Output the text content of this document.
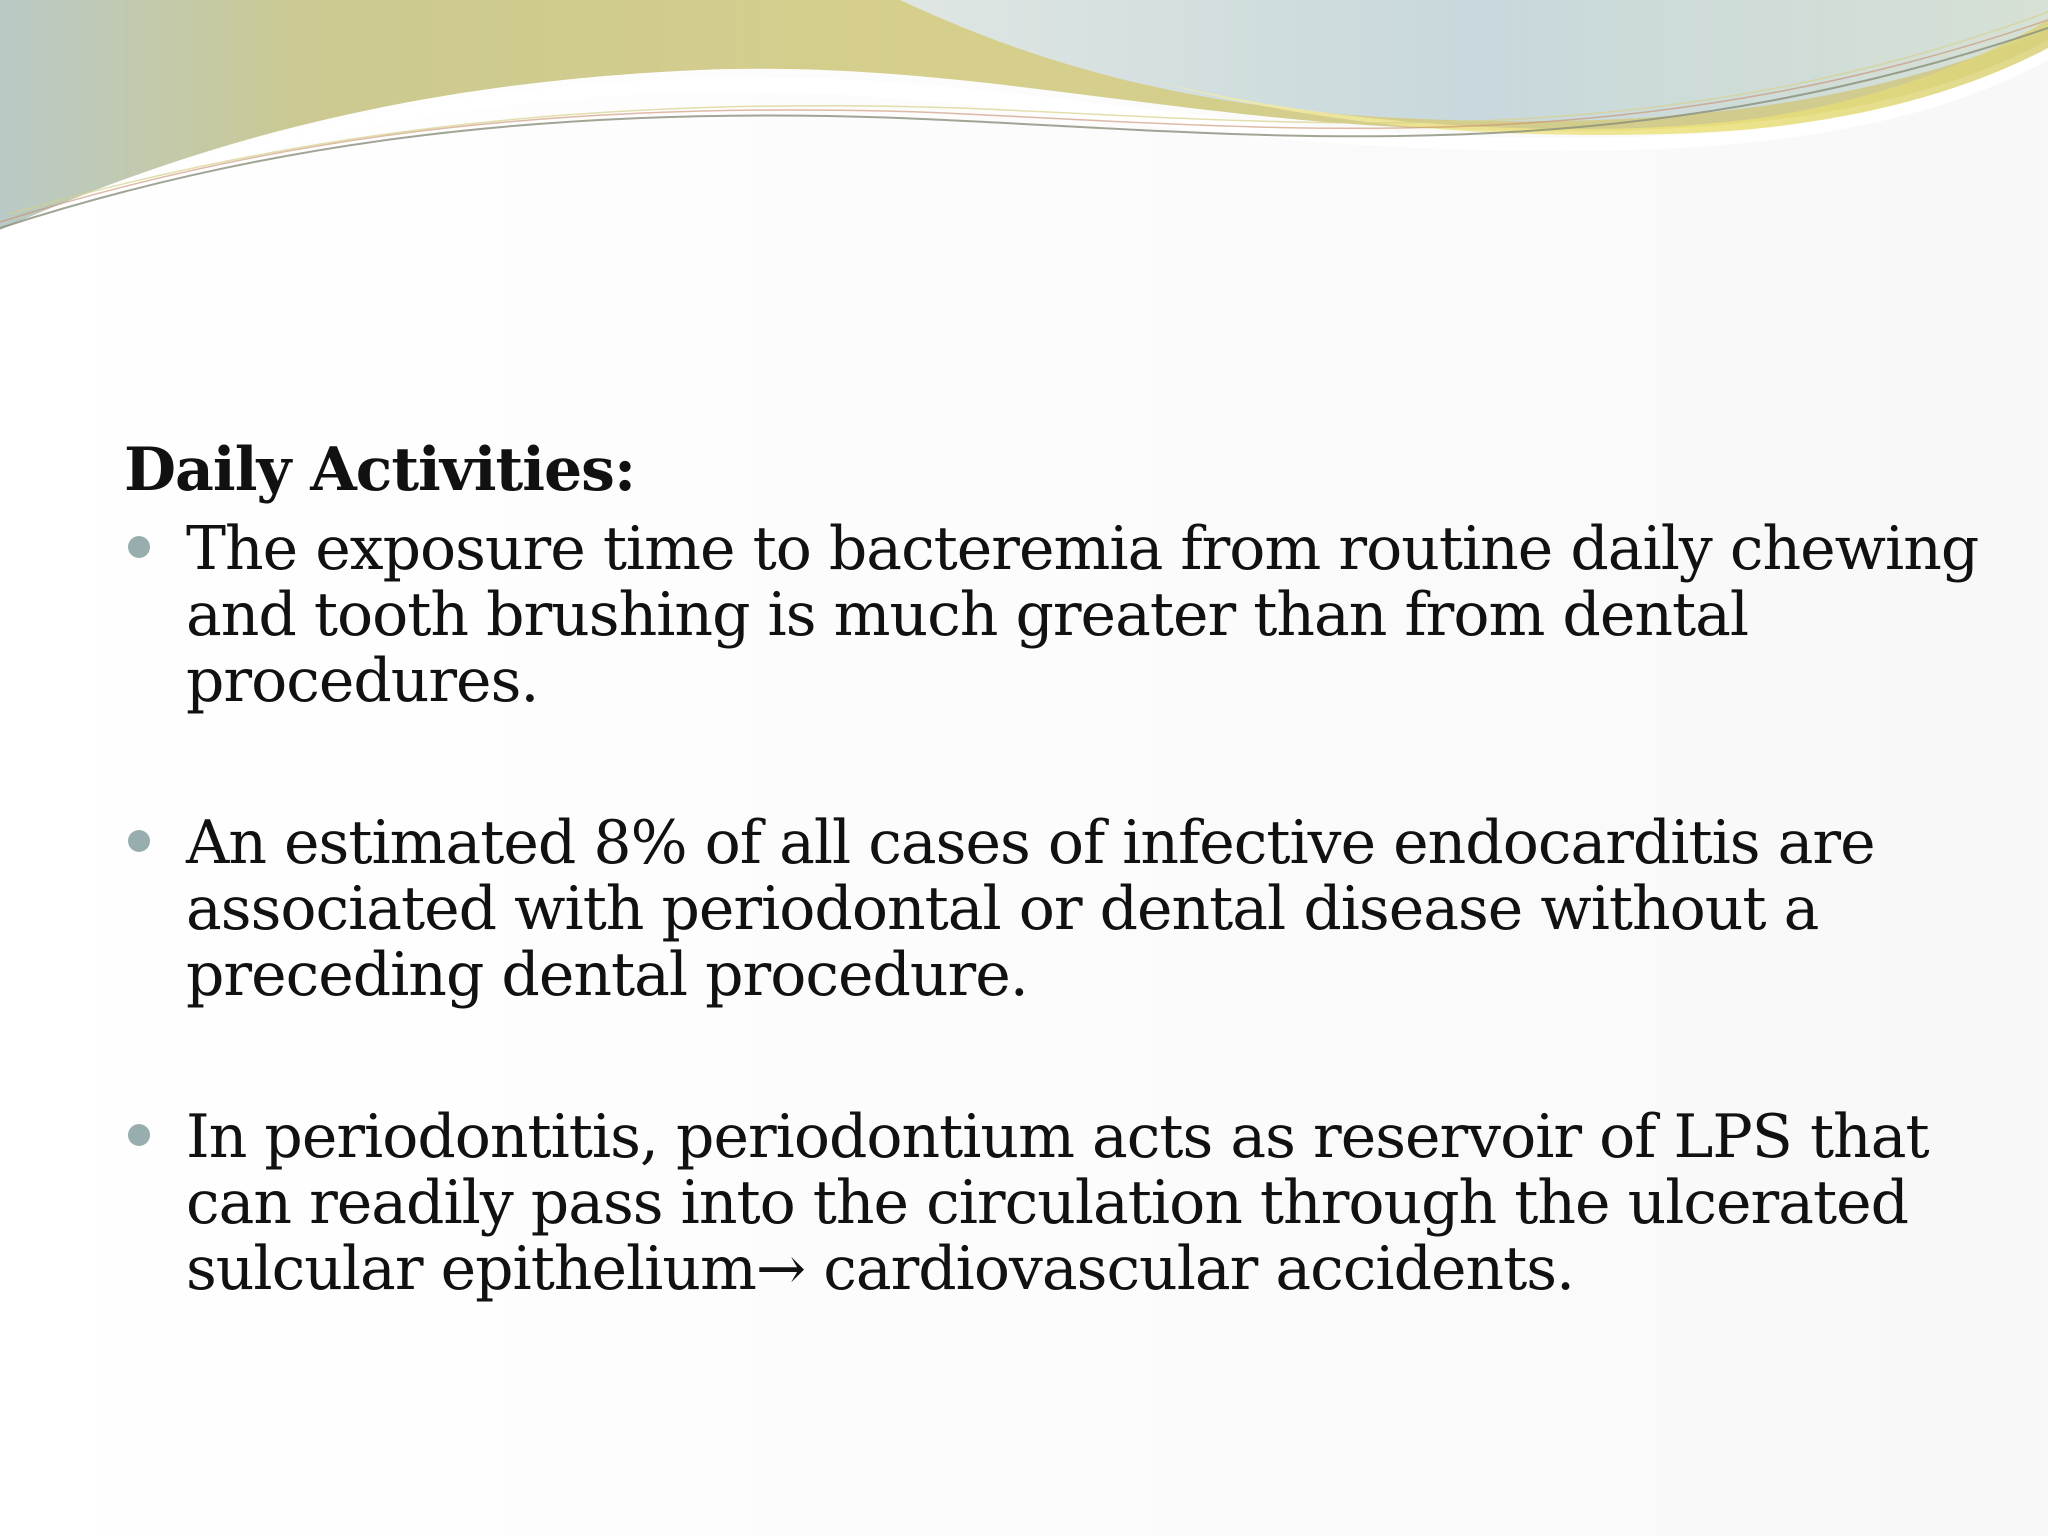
Daily Activities:
The exposure time to bacteremia from routine daily chewing and tooth brushing is much greater than from dental procedures.
An estimated 8% of all cases of infective endocarditis are associated with periodontal or dental disease without a preceding dental procedure.
In periodontitis, periodontium acts as reservoir of LPS that can readily pass into the circulation through the ulcerated sulcular epithelium→ cardiovascular accidents.
